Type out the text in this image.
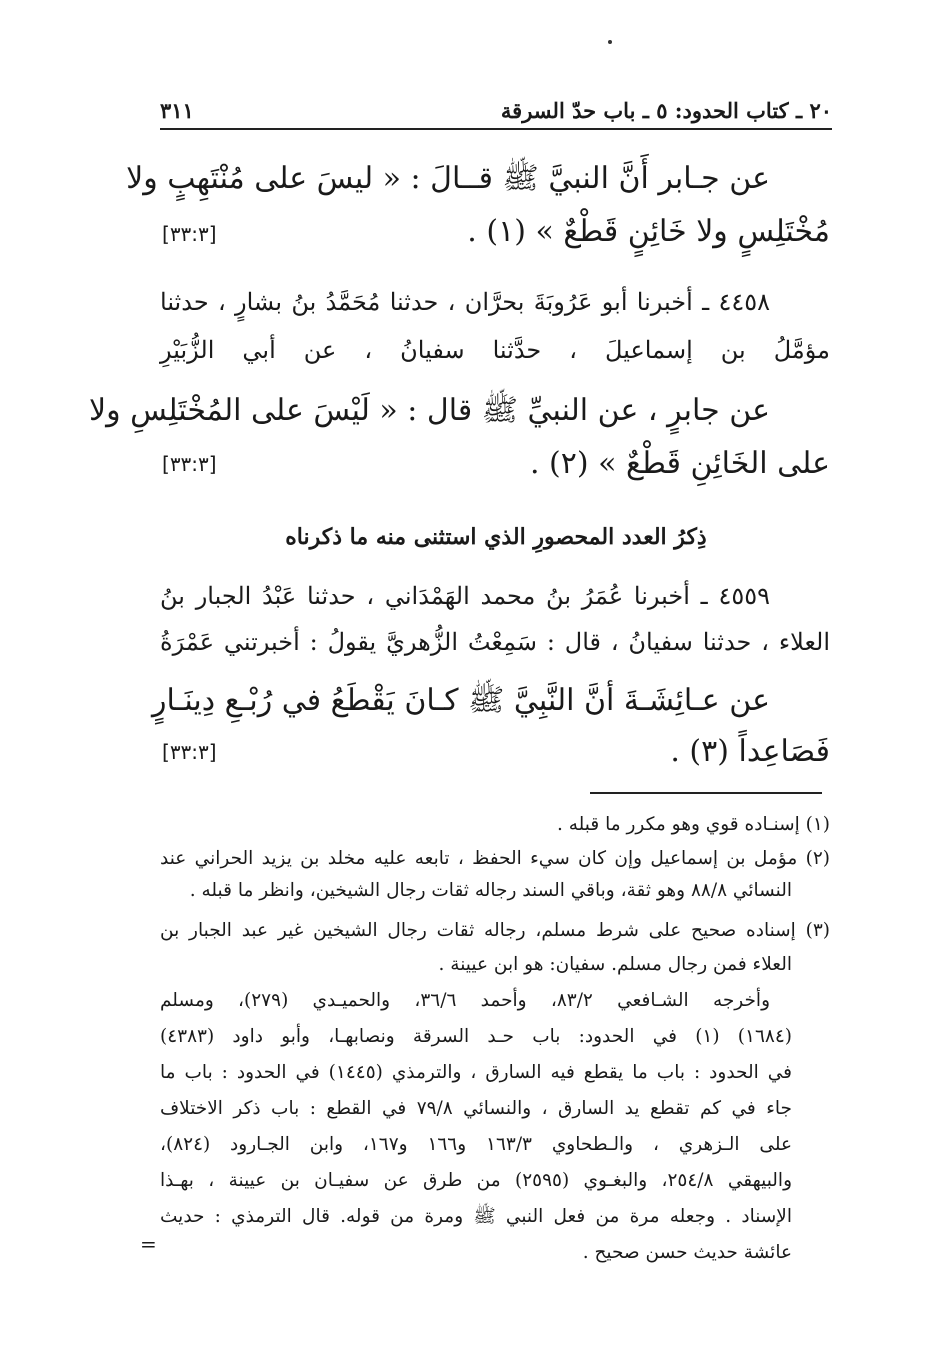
٢٠ ـ كتاب الحدود: ٥ ـ باب حدّ السرقة
٣١١
عن جـابر أَنَّ النبيَّ ﷺ قــالَ : « ليسَ على مُنْتَهِبٍ ولا
مُخْتَلِسٍ ولا خَائِنٍ قَطْعٌ » (١) .
[٣٣:٣]
٤٤٥٨ ـ أخبرنا أبو عَرُوبَةَ بحرَّان ، حدثنا مُحَمَّدُ بنُ بشارٍ ، حدثنا
مؤمَّلُ بن إسماعيلَ ، حدَّثنا سفيانُ ، عن أبي الزُّبَيْرِ
عن جابرٍ ، عن النبيِّ ﷺ قال : « لَيْسَ على المُخْتَلِسِ ولا
على الخَائِنِ قَطْعٌ » (٢) .
[٣٣:٣]
ذِكرُ العدد المحصورِ الذي استثنى منه ما ذكرناه
٤٥٥٩ ـ أخبرنا عُمَرُ بنُ محمد الهَمْدَاني ، حدثنا عَبْدُ الجبار بنُ
العلاء ، حدثنا سفيانُ ، قال : سَمِعْتُ الزُّهريَّ يقولُ : أخبرتني عَمْرَةُ
عن عـائِشَـةَ أنَّ النَّبِيَّ ﷺ كـانَ يَقْطَعُ في رُبْـعِ دِينَـارٍ
فَصَاعِداً (٣) .
[٣٣:٣]
(١) إسنـاده قوي وهو مكرر ما قبله .
(٢) مؤمل بن إسماعيل وإن كان سيء الحفظ ، تابعه عليه مخلد بن يزيد الحراني عند
النسائي ٨٨/٨ وهو ثقة، وباقي السند رجاله ثقات رجال الشيخين، وانظر ما قبله .
(٣) إسناده صحيح على شرط مسلم، رجاله ثقات رجال الشيخين غير عبد الجبار بن
العلاء فمن رجال مسلم. سفيان: هو ابن عيينة .
وأخرجه الشـافعي ٨٣/٢، وأحمد ٣٦/٦، والحميـدي (٢٧٩)، ومسلم
(١٦٨٤) (١) في الحدود: باب حـد السرقة ونصابهـا، وأبو داود (٤٣٨٣)
في الحدود : باب ما يقطع فيه السارق ، والترمذي (١٤٤٥) في الحدود : باب ما
جاء في كم تقطع يد السارق ، والنسائي ٧٩/٨ في القطع : باب ذكر الاختلاف
على الـزهري ، والـطحاوي ١٦٣/٣ و١٦٦ و١٦٧، وابن الجـارود (٨٢٤)،
والبيهقي ٢٥٤/٨، والبغـوي (٢٥٩٥) من طرق عن سفيـان بن عيينة ، بهـذا
الإسناد . وجعله مرة من فعل النبي ﷺ ومرة من قوله. قال الترمذي : حديث
عائشة حديث حسن صحيح .
=
